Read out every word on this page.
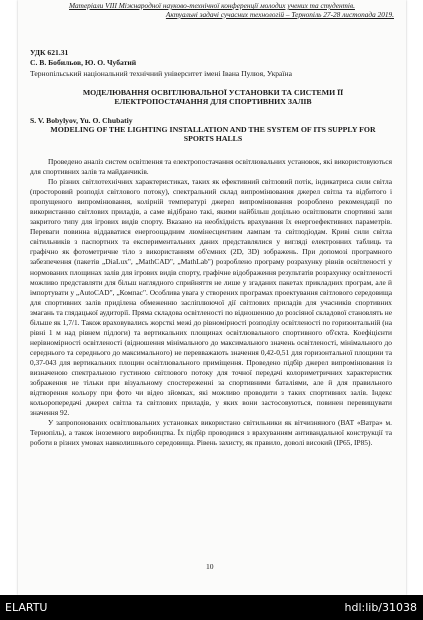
Матеріали VIII Міжнародної науково-технічної конференції молодих учених та студентів.
Актуальні задачі сучасних технологій – Тернопіль 27-28 листопада 2019.
УДК 621.31
С. В. Бобильов, Ю. О. Чубатий
Тернопільський національний технічний університет імені Івана Пулюя, Україна
МОДЕЛЮВАННЯ ОСВІТЛЮВАЛЬНОЇ УСТАНОВКИ ТА СИСТЕМИ ЇЇ ЕЛЕКТРОПОСТАЧАННЯ ДЛЯ СПОРТИВНИХ ЗАЛІВ
S. V. Bobylyov, Yu. O. Chubatiy
MODELING OF THE LIGHTING INSTALLATION AND THE SYSTEM OF ITS SUPPLY FOR SPORTS HALLS

Проведено аналіз систем освітлення та електропостачання освітлювальних установок, які використовуються для спортивних залів та майданчиків.

По різних світлотехнічних характеристиках, таких як ефективний світловий потік, індикатриса сили світла (просторовий розподіл світлового потоку), спектральний склад випромінювання джерел світла та відбитого і пропущеного випромінювання, колірній температурі джерел випромінювання розроблено рекомендації по використанню світлових приладів, а саме відібрано такі, якими найбільш доцільно освітлювати спортивні зали закритого типу для ігрових видів спорту. Вказано на необхідність врахування їх енергоефективних параметрів. Переваги повинна віддаватися енергоощадним люмінесцентним лампам та світлодіодам. Криві сили світла світильників з паспортних та експериментальних даних представлялися у вигляді електронних таблиць та графічно як фотометричне тіло з використанням об'ємних (2D, 3D) зображень. При допомозі програмного забезпечення (пакетів „DiaLux", „MathCAD", „MathLab") розроблено програму розрахунку рівнів освітленості у нормованих площинах залів для ігрових видів спорту, графічне відображення результатів розрахунку освітленості можливо представляти для більш наглядного сприйняття не лише у згаданих пакетах прикладних програм, але й імпортувати у „AutoCAD", „Компас". Особлива увага у створених програмах проектування світлового середовища для спортивних залів приділена обмеженню засліплюючої дії світлових приладів для учасників спортивних змагань та глядацької аудиторії. Пряма складова освітленості по відношенню до розсіяної складової становлять не більше як 1,7/1. Також враховувались жорсткі межі до рівномірності розподілу освітленості по горизонтальній (на рівні 1 м над рівнем підлоги) та вертикальних площинах освітлювального спортивного об'єкта. Коефіцієнти нерівномірності освітленості (відношення мінімального до максимального значень освітленості, мінімального до середнього та середнього до максимального) не перевважають значення 0,42-0,51 для горизонтальної площини та 0,37-043 для вертикальних площин освітлювального приміщення. Проведено підбір джерел випромінювання із визначеною спектральною густиною світлового потоку для точної передачі колориметричних характеристик зображення не тільки при візуальному спостереженні за спортивними баталіями, але й для правильного відтворення кольору при фото чи відео зйомках, які можливо проводити з таких спортивних залів. Індекс кольоропередачі джерел світла та світлових приладів, у яких вони застосовуються, повинен перевищувати значення 92.

У запропонованих освітлювальних установках використано світильники як вітчизняного (ВАТ «Ватра» м. Тернопіль), а також іноземного виробництва. Їх підбір проводився з врахуванням антивандальної конструкції та роботи в різних умовах навколишнього середовища. Рівень захисту, як правило, доволі високий (IP65, IP85).

10
ELARTU	hdl:lib/31038
